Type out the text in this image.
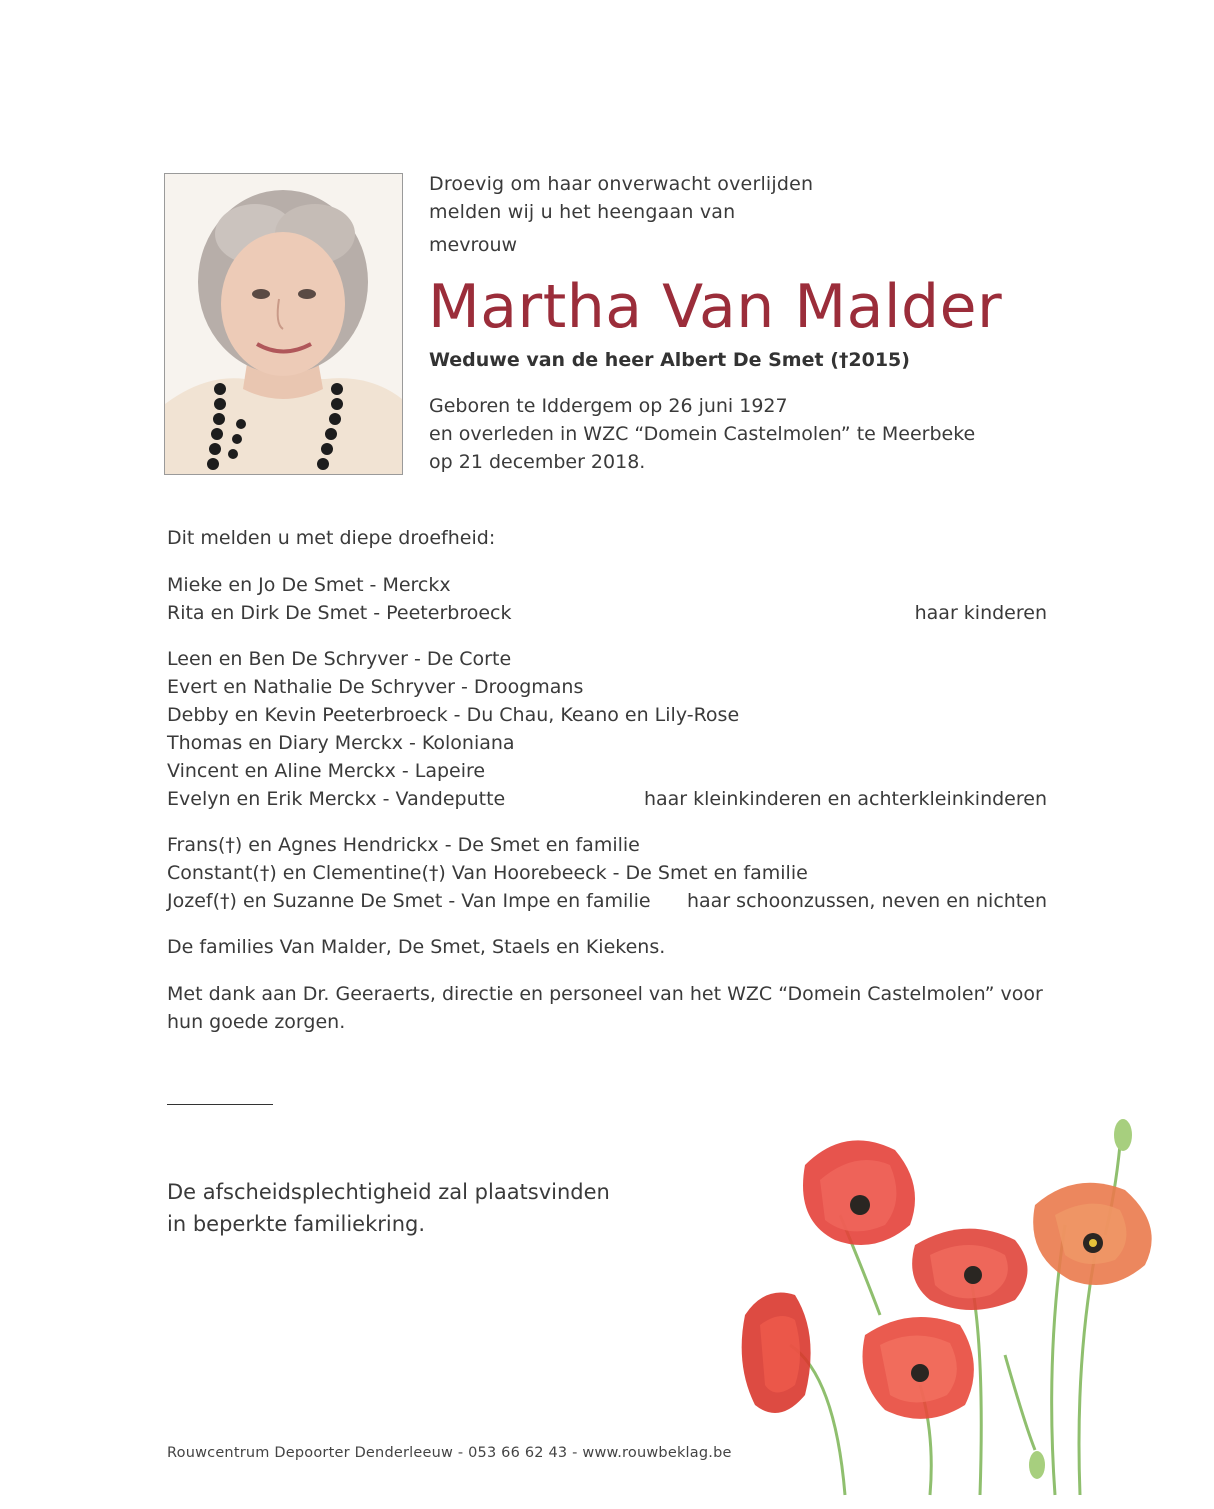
Droevig om haar onverwacht overlijden

melden wij u het heengaan van

mevrouw
Martha Van Malder
Weduwe van de heer Albert De Smet (†2015)

Geboren te Iddergem op 26 juni 1927

en overleden in WZC “Domein Castelmolen” te Meerbeke

op 21 december 2018.

Dit melden u met diepe droefheid:
Mieke en Jo De Smet - Merckx
Rita en Dirk De Smet - Peeterbroeck	haar kinderen
Leen en Ben De Schryver - De Corte
Evert en Nathalie De Schryver - Droogmans
Debby en Kevin Peeterbroeck - Du Chau, Keano en Lily-Rose
Thomas en Diary Merckx - Koloniana
Vincent en Aline Merckx - Lapeire
Evelyn en Erik Merckx - Vandeputte	haar kleinkinderen en achterkleinkinderen
Frans(†) en Agnes Hendrickx - De Smet en familie
Constant(†) en Clementine(†) Van Hoorebeeck - De Smet en familie
Jozef(†) en Suzanne De Smet - Van Impe en familie haar schoonzussen, neven en nichten
De families Van Malder, De Smet, Staels en Kiekens.
Met dank aan Dr. Geeraerts, directie en personeel van het WZC “Domein Castelmolen” voor hun goede zorgen.

De afscheidsplechtigheid zal plaatsvinden

in beperkte familiekring.

Rouwcentrum Depoorter Denderleeuw - 053 66 62 43 - www.rouwbeklag.be
